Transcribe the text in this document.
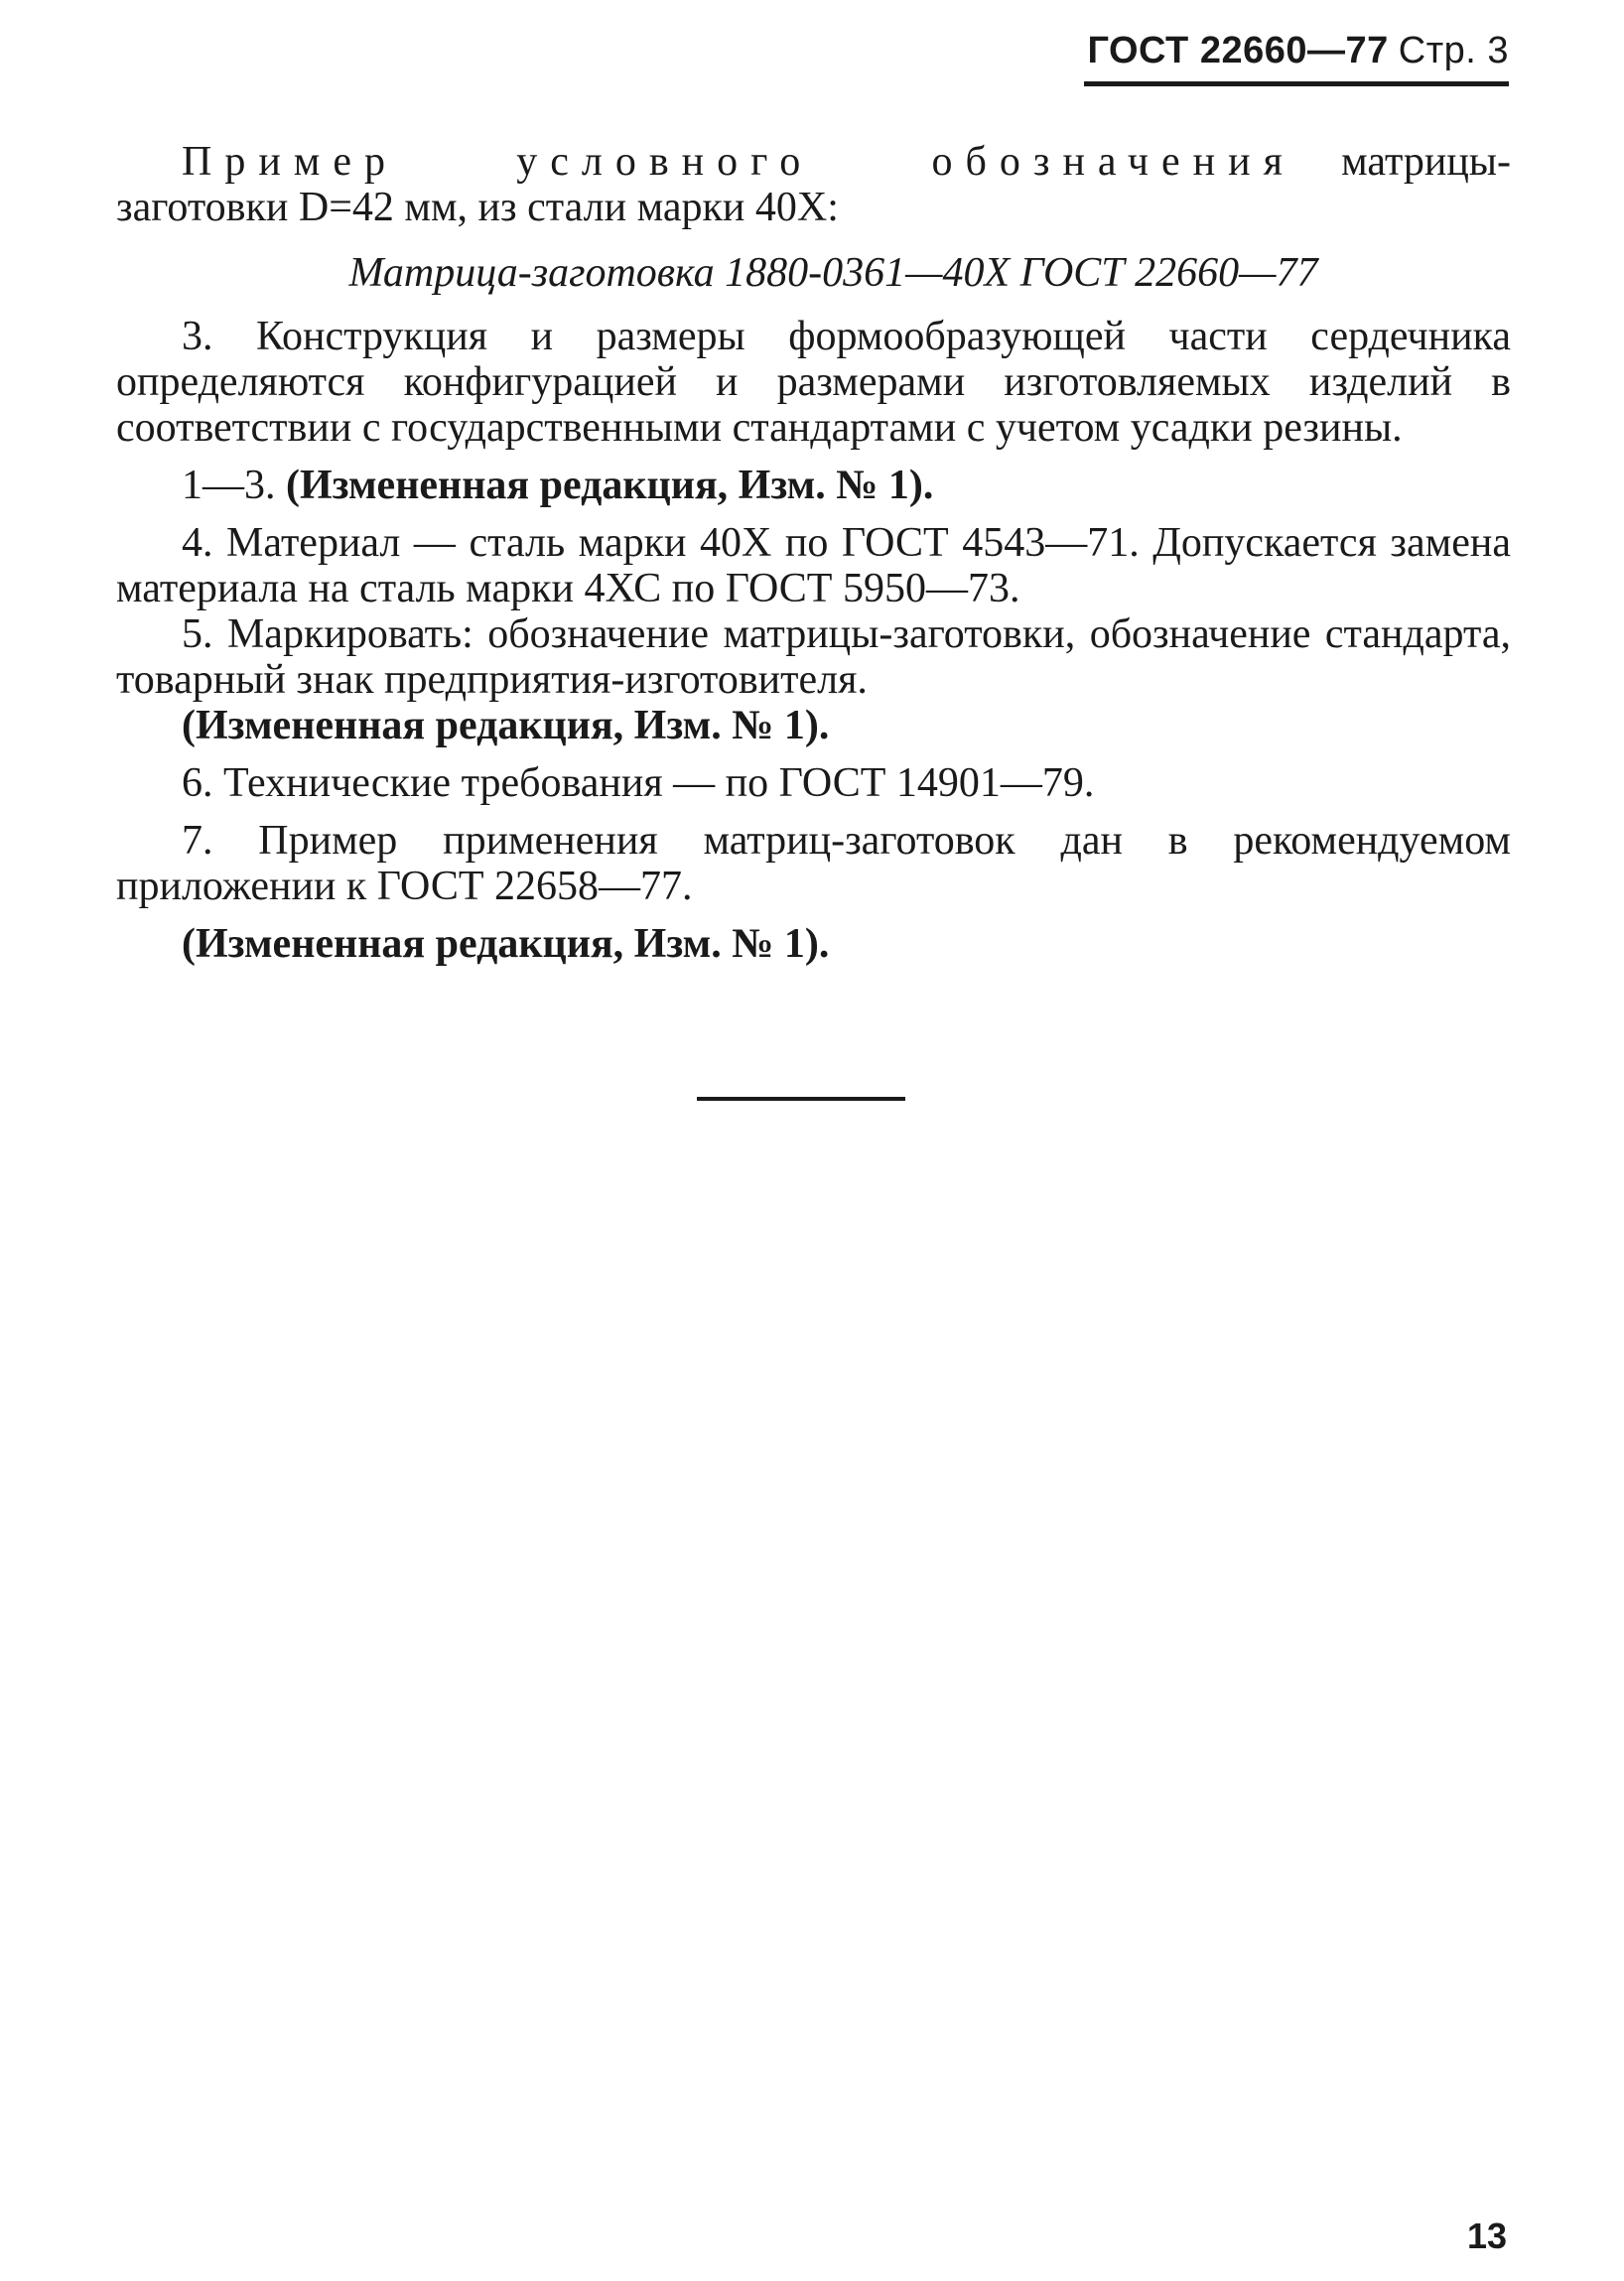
ГОСТ 22660—77 Стр. 3

Пример условного обозначения матрицы-заготовки D=42 мм, из стали марки 40Х:

Матрица-заготовка 1880-0361—40Х ГОСТ 22660—77

3. Конструкция и размеры формообразующей части сердечника определяются конфигурацией и размерами изготовляемых изделий в соответствии с государственными стандартами с учетом усадки резины.

1—3. (Измененная редакция, Изм. № 1).

4. Материал — сталь марки 40Х по ГОСТ 4543—71. Допускается замена материала на сталь марки 4ХС по ГОСТ 5950—73.

5. Маркировать: обозначение матрицы-заготовки, обозначение стандарта, товарный знак предприятия-изготовителя.

(Измененная редакция, Изм. № 1).

6. Технические требования — по ГОСТ 14901—79.

7. Пример применения матриц-заготовок дан в рекомендуемом приложении к ГОСТ 22658—77.

(Измененная редакция, Изм. № 1).

13
